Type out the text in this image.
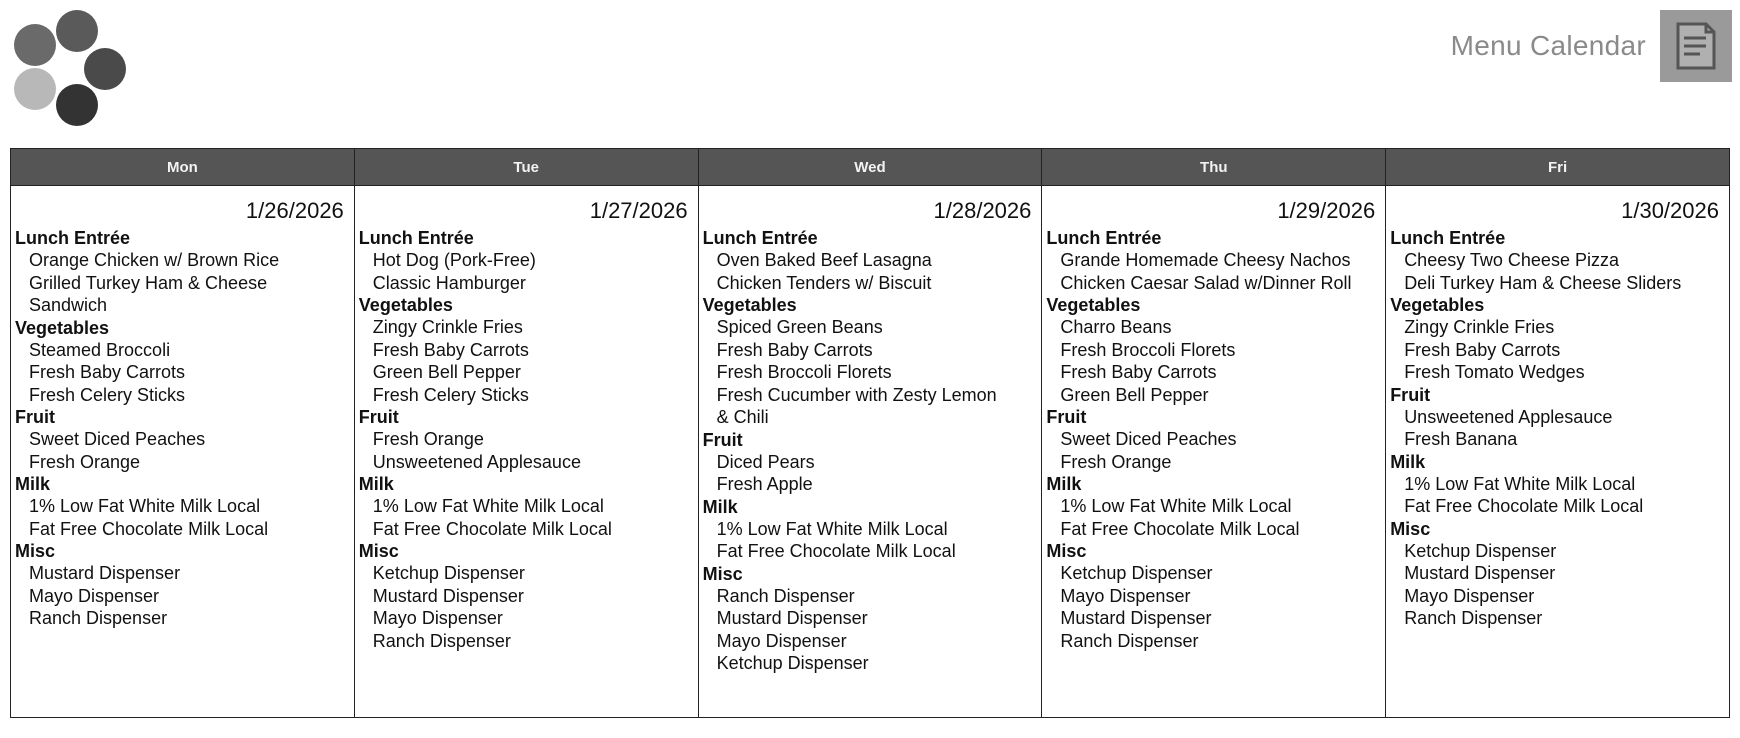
Menu Calendar
Mon
1/26/2026
Lunch Entrée
Orange Chicken w/ Brown Rice
Grilled Turkey Ham & Cheese
Sandwich
Vegetables
Steamed Broccoli
Fresh Baby Carrots
Fresh Celery Sticks
Fruit
Sweet Diced Peaches
Fresh Orange
Milk
1% Low Fat White Milk Local
Fat Free Chocolate Milk Local
Misc
Mustard Dispenser
Mayo Dispenser
Ranch Dispenser
Tue
1/27/2026
Lunch Entrée
Hot Dog (Pork-Free)
Classic Hamburger
Vegetables
Zingy Crinkle Fries
Fresh Baby Carrots
Green Bell Pepper
Fresh Celery Sticks
Fruit
Fresh Orange
Unsweetened Applesauce
Milk
1% Low Fat White Milk Local
Fat Free Chocolate Milk Local
Misc
Ketchup Dispenser
Mustard Dispenser
Mayo Dispenser
Ranch Dispenser
Wed
1/28/2026
Lunch Entrée
Oven Baked Beef Lasagna
Chicken Tenders w/ Biscuit
Vegetables
Spiced Green Beans
Fresh Baby Carrots
Fresh Broccoli Florets
Fresh Cucumber with Zesty Lemon
& Chili
Fruit
Diced Pears
Fresh Apple
Milk
1% Low Fat White Milk Local
Fat Free Chocolate Milk Local
Misc
Ranch Dispenser
Mustard Dispenser
Mayo Dispenser
Ketchup Dispenser
Thu
1/29/2026
Lunch Entrée
Grande Homemade Cheesy Nachos
Chicken Caesar Salad w/Dinner Roll
Vegetables
Charro Beans
Fresh Broccoli Florets
Fresh Baby Carrots
Green Bell Pepper
Fruit
Sweet Diced Peaches
Fresh Orange
Milk
1% Low Fat White Milk Local
Fat Free Chocolate Milk Local
Misc
Ketchup Dispenser
Mayo Dispenser
Mustard Dispenser
Ranch Dispenser
Fri
1/30/2026
Lunch Entrée
Cheesy Two Cheese Pizza
Deli Turkey Ham & Cheese Sliders
Vegetables
Zingy Crinkle Fries
Fresh Baby Carrots
Fresh Tomato Wedges
Fruit
Unsweetened Applesauce
Fresh Banana
Milk
1% Low Fat White Milk Local
Fat Free Chocolate Milk Local
Misc
Ketchup Dispenser
Mustard Dispenser
Mayo Dispenser
Ranch Dispenser
